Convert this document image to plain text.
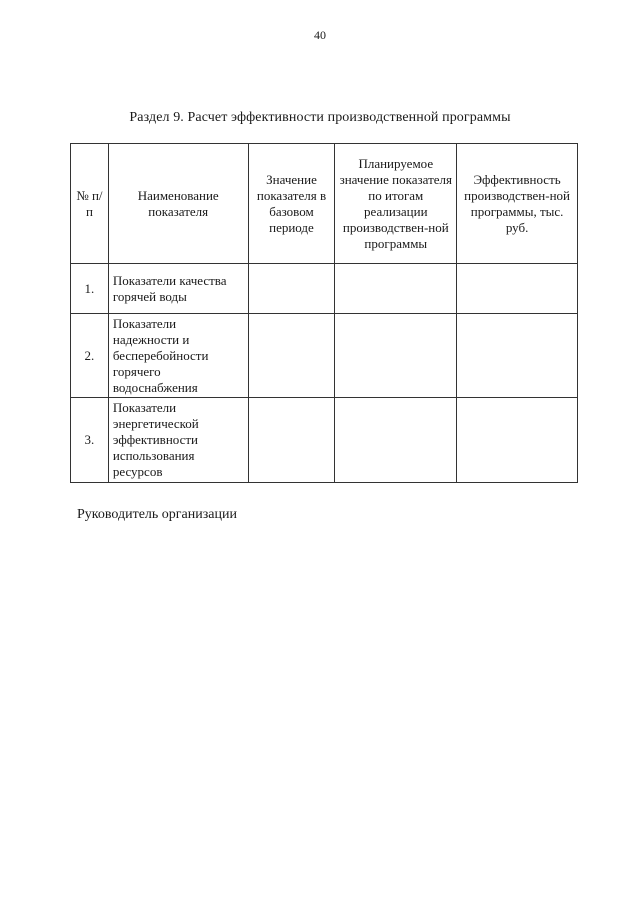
40
Раздел 9. Расчет эффективности производственной программы
№ п/п	Наименование показателя	Значение показателя в базовом периоде	Планируемое значение показателя по итогам реализации производствен-ной программы	Эффективность производствен-ной программы, тыс. руб.
1.	Показатели качества горячей воды			
2.	Показатели надежности и бесперебойности горячего водоснабжения			
3.	Показатели энергетической эффективности использования ресурсов			
Руководитель организации
